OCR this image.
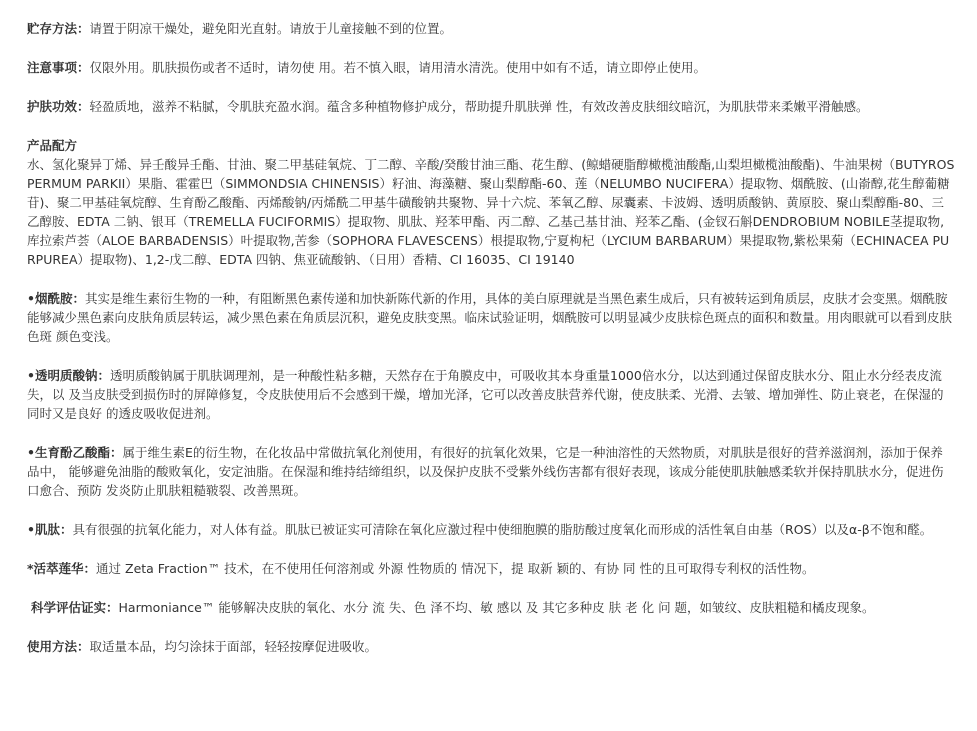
贮存方法：请置于阴凉干燥处，避免阳光直射。请放于儿童接触不到的位置。

注意事项：仅限外用。肌肤损伤或者不适时，请勿使 用。若不慎入眼，请用清水清洗。使用中如有不适，请立即停止使用。

护肤功效：轻盈质地，滋养不粘腻，令肌肤充盈水润。蕴含多种植物修护成分，帮助提升肌肤弹 性，有效改善皮肤细纹暗沉，为肌肤带来柔嫩平滑触感。

产品配方

水、氢化聚异丁烯、异壬酸异壬酯、甘油、聚二甲基硅氧烷、丁二醇、辛酸/癸酸甘油三酯、花生醇、(鲸蜡硬脂醇橄榄油酸酯,山梨坦橄榄油酸酯)、牛油果树（BUTYROSPERMUM PARKII）果脂、霍霍巴（SIMMONDSIA CHINENSIS）籽油、海藻糖、聚山梨醇酯-60、莲（NELUMBO NUCIFERA）提取物、烟酰胺、(山嵛醇,花生醇葡糖苷)、聚二甲基硅氧烷醇、生育酚乙酸酯、丙烯酸钠/丙烯酰二甲基牛磺酸钠共聚物、异十六烷、苯氧乙醇、尿囊素、卡波姆、透明质酸钠、黄原胶、聚山梨醇酯-80、三乙醇胺、EDTA 二钠、银耳（TREMELLA FUCIFORMIS）提取物、肌肽、羟苯甲酯、丙二醇、乙基己基甘油、羟苯乙酯、(金钗石斛DENDROBIUM NOBILE茎提取物,库拉索芦荟（ALOE BARBADENSIS）叶提取物,苦参（SOPHORA FLAVESCENS）根提取物,宁夏枸杞（LYCIUM BARBARUM）果提取物,紫松果菊（ECHINACEA PURPUREA）提取物)、1,2-戊二醇、EDTA 四钠、焦亚硫酸钠、（日用）香精、CI 16035、CI 19140

•烟酰胺：其实是维生素衍生物的一种，有阻断黑色素传递和加快新陈代新的作用，具体的美白原理就是当黑色素生成后，只有被转运到角质层，皮肤才会变黑。烟酰胺 能够减少黑色素向皮肤角质层转运，减少黑色素在角质层沉积，避免皮肤变黑。临床试验证明，烟酰胺可以明显减少皮肤棕色斑点的面积和数量。用肉眼就可以看到皮肤色斑 颜色变浅。

•透明质酸钠：透明质酸钠属于肌肤调理剂，是一种酸性粘多糖，天然存在于角膜皮中，可吸收其本身重量1000倍水分，以达到通过保留皮肤水分、阻止水分经表皮流失，以 及当皮肤受到损伤时的屏障修复，令皮肤使用后不会感到干燥，增加光泽，它可以改善皮肤营养代谢，使皮肤柔、光滑、去皱、增加弹性、防止衰老，在保湿的同时又是良好 的透皮吸收促进剂。

•生育酚乙酸酯：属于维生素E的衍生物，在化妆品中常做抗氧化剂使用，有很好的抗氧化效果，它是一种油溶性的天然物质，对肌肤是很好的营养滋润剂，添加于保养品中， 能够避免油脂的酸败氧化，安定油脂。在保湿和维持结缔组织，以及保护皮肤不受紫外线伤害都有很好表现，该成分能使肌肤触感柔软并保持肌肤水分，促进伤口愈合、预防 发炎防止肌肤粗糙皲裂、改善黑斑。

•肌肽：具有很强的抗氧化能力，对人体有益。肌肽已被证实可清除在氧化应激过程中使细胞膜的脂肪酸过度氧化而形成的活性氧自由基（ROS）以及α-β不饱和醛。

*活萃莲华：通过 Zeta Fraction™ 技术，在不使用任何溶剂或 外源 性物质的 情况下，提 取新 颖的、有协 同 性的且可取得专利权的活性物。

科学评估证实：Harmoniance™ 能够解决皮肤的氧化、水分 流 失、色 泽不均、敏 感以 及 其它多种皮 肤 老 化 问 题，如皱纹、皮肤粗糙和橘皮现象。

使用方法：取适量本品，均匀涂抹于面部，轻轻按摩促进吸收。
